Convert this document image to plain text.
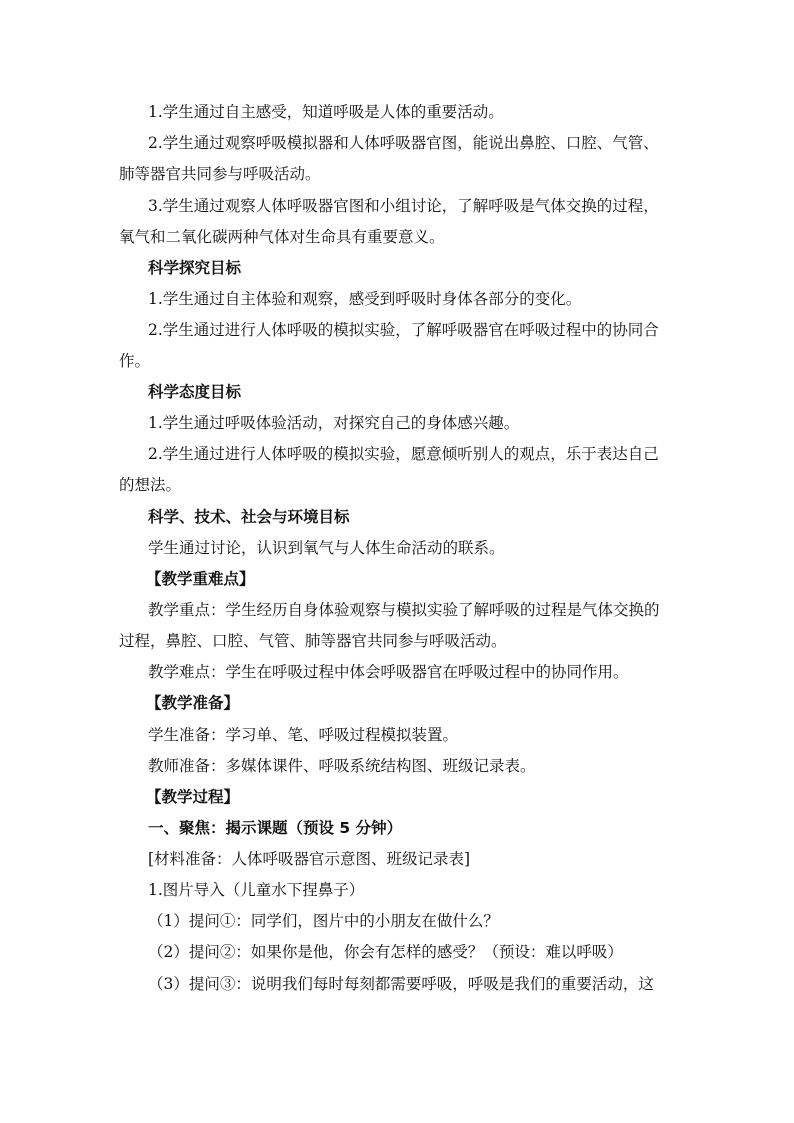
1.学生通过自主感受，知道呼吸是人体的重要活动。
2.学生通过观察呼吸模拟器和人体呼吸器官图，能说出鼻腔、口腔、气管、
肺等器官共同参与呼吸活动。
3.学生通过观察人体呼吸器官图和小组讨论，了解呼吸是气体交换的过程，
氧气和二氧化碳两种气体对生命具有重要意义。
科学探究目标
1.学生通过自主体验和观察，感受到呼吸时身体各部分的变化。
2.学生通过进行人体呼吸的模拟实验，了解呼吸器官在呼吸过程中的协同合
作。
科学态度目标
1.学生通过呼吸体验活动，对探究自己的身体感兴趣。
2.学生通过进行人体呼吸的模拟实验，愿意倾听别人的观点，乐于表达自己
的想法。
科学、技术、社会与环境目标
学生通过讨论，认识到氧气与人体生命活动的联系。
【教学重难点】
教学重点：学生经历自身体验观察与模拟实验了解呼吸的过程是气体交换的
过程，鼻腔、口腔、气管、肺等器官共同参与呼吸活动。
教学难点：学生在呼吸过程中体会呼吸器官在呼吸过程中的协同作用。
【教学准备】
学生准备：学习单、笔、呼吸过程模拟装置。
教师准备：多媒体课件、呼吸系统结构图、班级记录表。
【教学过程】
一、聚焦：揭示课题（预设 5 分钟）
[材料准备：人体呼吸器官示意图、班级记录表]
1.图片导入（儿童水下捏鼻子）
（1）提问①：同学们，图片中的小朋友在做什么？
（2）提问②：如果你是他，你会有怎样的感受？（预设：难以呼吸）
（3）提问③：说明我们每时每刻都需要呼吸，呼吸是我们的重要活动，这
